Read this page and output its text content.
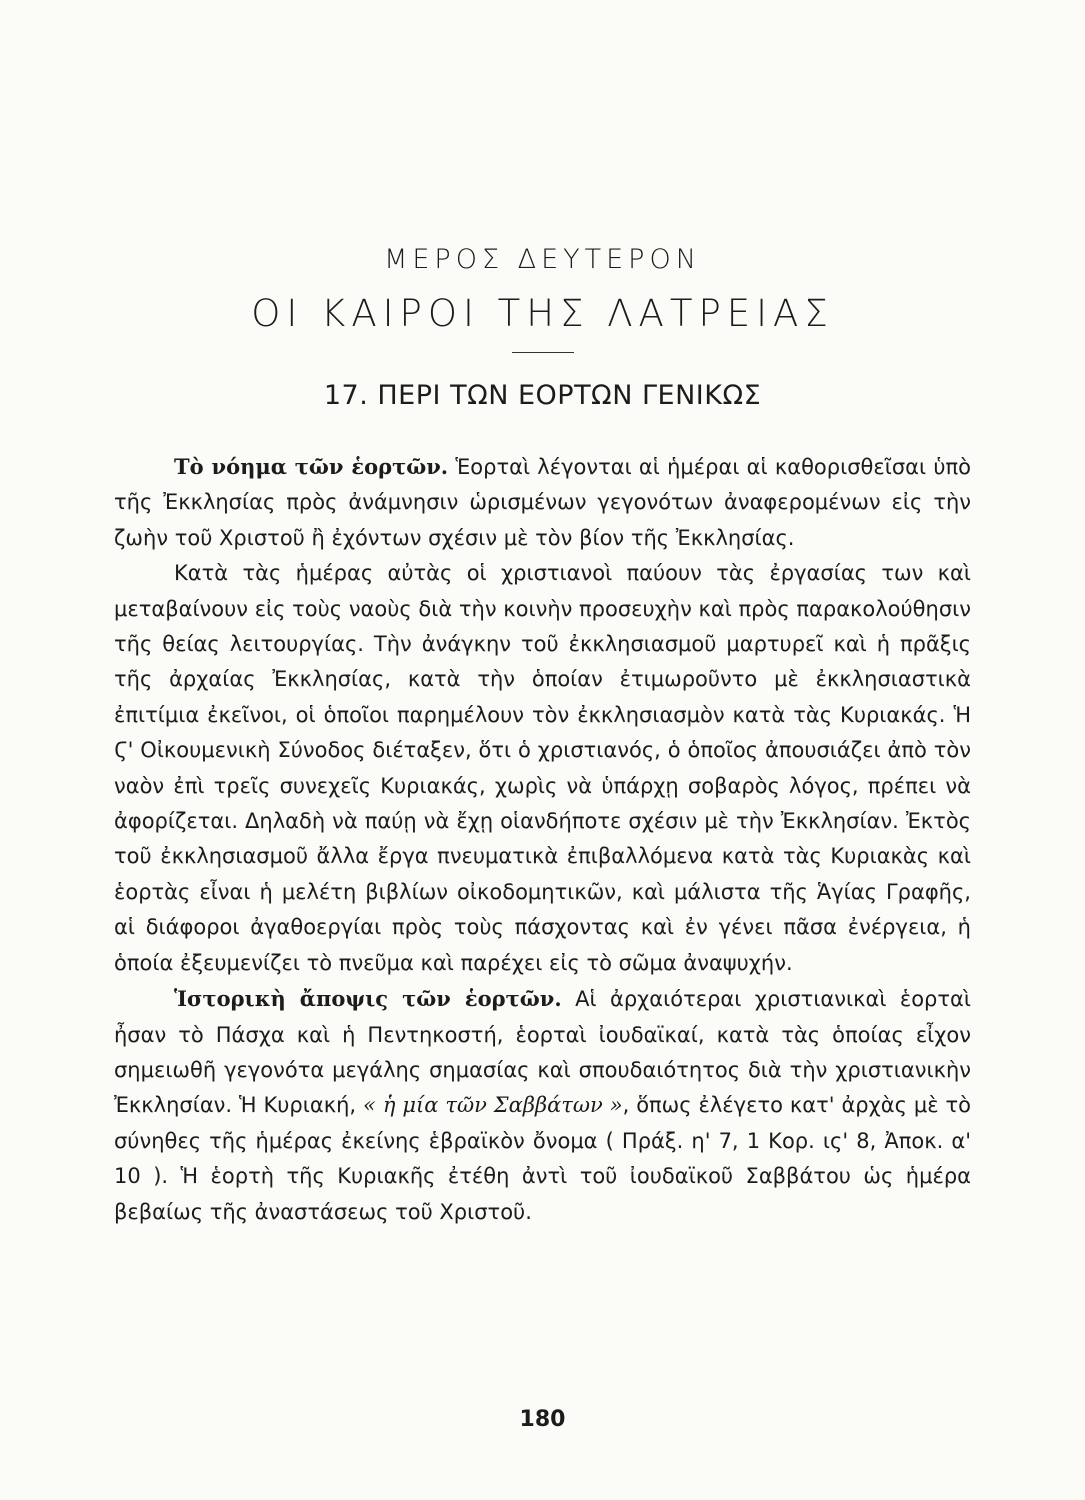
ΜΕΡΟΣ ΔΕΥΤΕΡΟΝ
ΟΙ ΚΑΙΡΟΙ ΤΗΣ ΛΑΤΡΕΙΑΣ
17. ΠΕΡΙ ΤΩΝ ΕΟΡΤΩΝ ΓΕΝΙΚΩΣ

Τὸ νόημα τῶν ἑορτῶν. Ἑορταὶ λέγονται αἱ ἡμέραι αἱ καθορισθεῖσαι ὑπὸ τῆς Ἐκκλησίας πρὸς ἀνάμνησιν ὡρισμένων γεγονότων ἀναφερομένων εἰς τὴν ζωὴν τοῦ Χριστοῦ ἢ ἐχόντων σχέσιν μὲ τὸν βίον τῆς Ἐκκλησίας.

Κατὰ τὰς ἡμέρας αὐτὰς οἱ χριστιανοὶ παύουν τὰς ἐργασίας των καὶ μεταβαίνουν εἰς τοὺς ναοὺς διὰ τὴν κοινὴν προσευχὴν καὶ πρὸς παρακολούθησιν τῆς θείας λειτουργίας. Τὴν ἀνάγκην τοῦ ἐκκλησιασμοῦ μαρτυρεῖ καὶ ἡ πρᾶξις τῆς ἀρχαίας Ἐκκλησίας, κατὰ τὴν ὁποίαν ἐτιμωροῦντο μὲ ἐκκλησιαστικὰ ἐπιτίμια ἐκεῖνοι, οἱ ὁποῖοι παρημέλουν τὸν ἐκκλησιασμὸν κατὰ τὰς Κυριακάς. Ἡ Ϛ' Οἰκουμενικὴ Σύνοδος διέταξεν, ὅτι ὁ χριστιανός, ὁ ὁποῖος ἀπουσιάζει ἀπὸ τὸν ναὸν ἐπὶ τρεῖς συνεχεῖς Κυριακάς, χωρὶς νὰ ὑπάρχῃ σοβαρὸς λόγος, πρέπει νὰ ἀφορίζεται. Δηλαδὴ νὰ παύῃ νὰ ἔχῃ οἱανδήποτε σχέσιν μὲ τὴν Ἐκκλησίαν. Ἐκτὸς τοῦ ἐκκλησιασμοῦ ἄλλα ἔργα πνευματικὰ ἐπιβαλλόμενα κατὰ τὰς Κυριακὰς καὶ ἑορτὰς εἶναι ἡ μελέτη βιβλίων οἰκοδομητικῶν, καὶ μάλιστα τῆς Ἁγίας Γραφῆς, αἱ διάφοροι ἀγαθοεργίαι πρὸς τοὺς πάσχοντας καὶ ἐν γένει πᾶσα ἐνέργεια, ἡ ὁποία ἐξευμενίζει τὸ πνεῦμα καὶ παρέχει εἰς τὸ σῶμα ἀναψυχήν.

Ἱστορικὴ ἄποψις τῶν ἑορτῶν. Αἱ ἀρχαιότεραι χριστιανικαὶ ἑορταὶ ἦσαν τὸ Πάσχα καὶ ἡ Πεντηκοστή, ἑορταὶ ἰουδαϊκαί, κατὰ τὰς ὁποίας εἶχον σημειωθῆ γεγονότα μεγάλης σημασίας καὶ σπουδαιότητος διὰ τὴν χριστιανικὴν Ἐκκλησίαν. Ἡ Κυριακή, « ἡ μία τῶν Σαββάτων », ὅπως ἐλέγετο κατ' ἀρχὰς μὲ τὸ σύνηθες τῆς ἡμέρας ἐκείνης ἑβραϊκὸν ὄνομα ( Πράξ. η' 7, 1 Κορ. ις' 8, Ἀποκ. α' 10 ). Ἡ ἑορτὴ τῆς Κυριακῆς ἐτέθη ἀντὶ τοῦ ἰουδαϊκοῦ Σαββάτου ὡς ἡμέρα βεβαίως τῆς ἀναστάσεως τοῦ Χριστοῦ.

180
